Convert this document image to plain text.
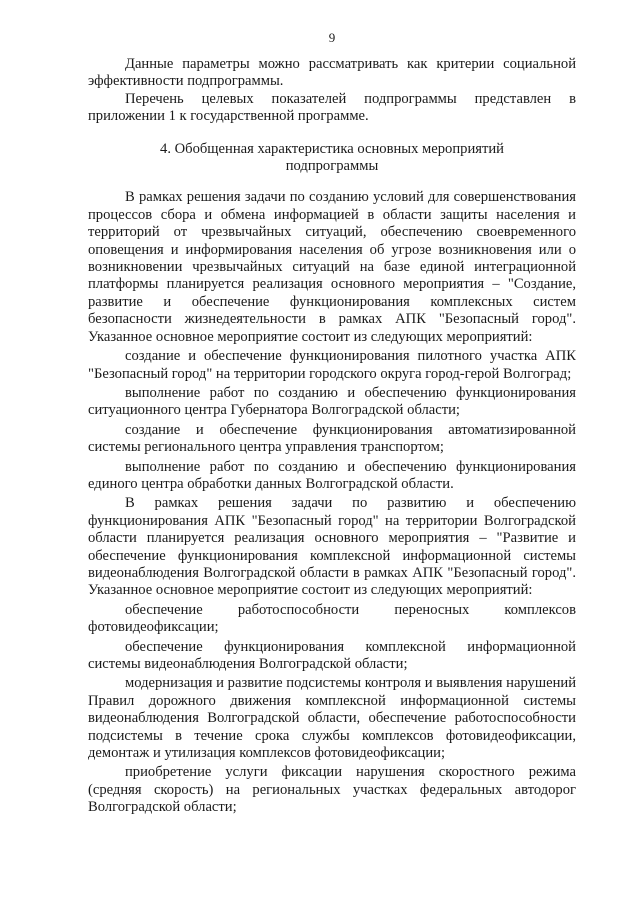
9

Данные параметры можно рассматривать как критерии социальной эффективности подпрограммы.

Перечень целевых показателей подпрограммы представлен в приложении 1 к государственной программе.

4. Обобщенная характеристика основных мероприятий подпрограммы

В рамках решения задачи по созданию условий для совершенствования процессов сбора и обмена информацией в области защиты населения и территорий от чрезвычайных ситуаций, обеспечению своевременного оповещения и информирования населения об угрозе возникновения или о возникновении чрезвычайных ситуаций на базе единой интеграционной платформы планируется реализация основного мероприятия – "Создание, развитие и обеспечение функционирования комплексных систем безопасности жизнедеятельности в рамках АПК "Безопасный город". Указанное основное мероприятие состоит из следующих мероприятий:

создание и обеспечение функционирования пилотного участка АПК "Безопасный город" на территории городского округа город-герой Волгоград;

выполнение работ по созданию и обеспечению функционирования ситуационного центра Губернатора Волгоградской области;

создание и обеспечение функционирования автоматизированной системы регионального центра управления транспортом;

выполнение работ по созданию и обеспечению функционирования единого центра обработки данных Волгоградской области.

В рамках решения задачи по развитию и обеспечению функционирования АПК "Безопасный город" на территории Волгоградской области планируется реализация основного мероприятия – "Развитие и обеспечение функционирования комплексной информационной системы видеонаблюдения Волгоградской области в рамках АПК "Безопасный город". Указанное основное мероприятие состоит из следующих мероприятий:

обеспечение работоспособности переносных комплексов фотовидеофиксации;

обеспечение функционирования комплексной информационной системы видеонаблюдения Волгоградской области;

модернизация и развитие подсистемы контроля и выявления нарушений Правил дорожного движения комплексной информационной системы видеонаблюдения Волгоградской области, обеспечение работоспособности подсистемы в течение срока службы комплексов фотовидеофиксации, демонтаж и утилизация комплексов фотовидеофиксации;

приобретение услуги фиксации нарушения скоростного режима (средняя скорость) на региональных участках федеральных автодорог Волгоградской области;
